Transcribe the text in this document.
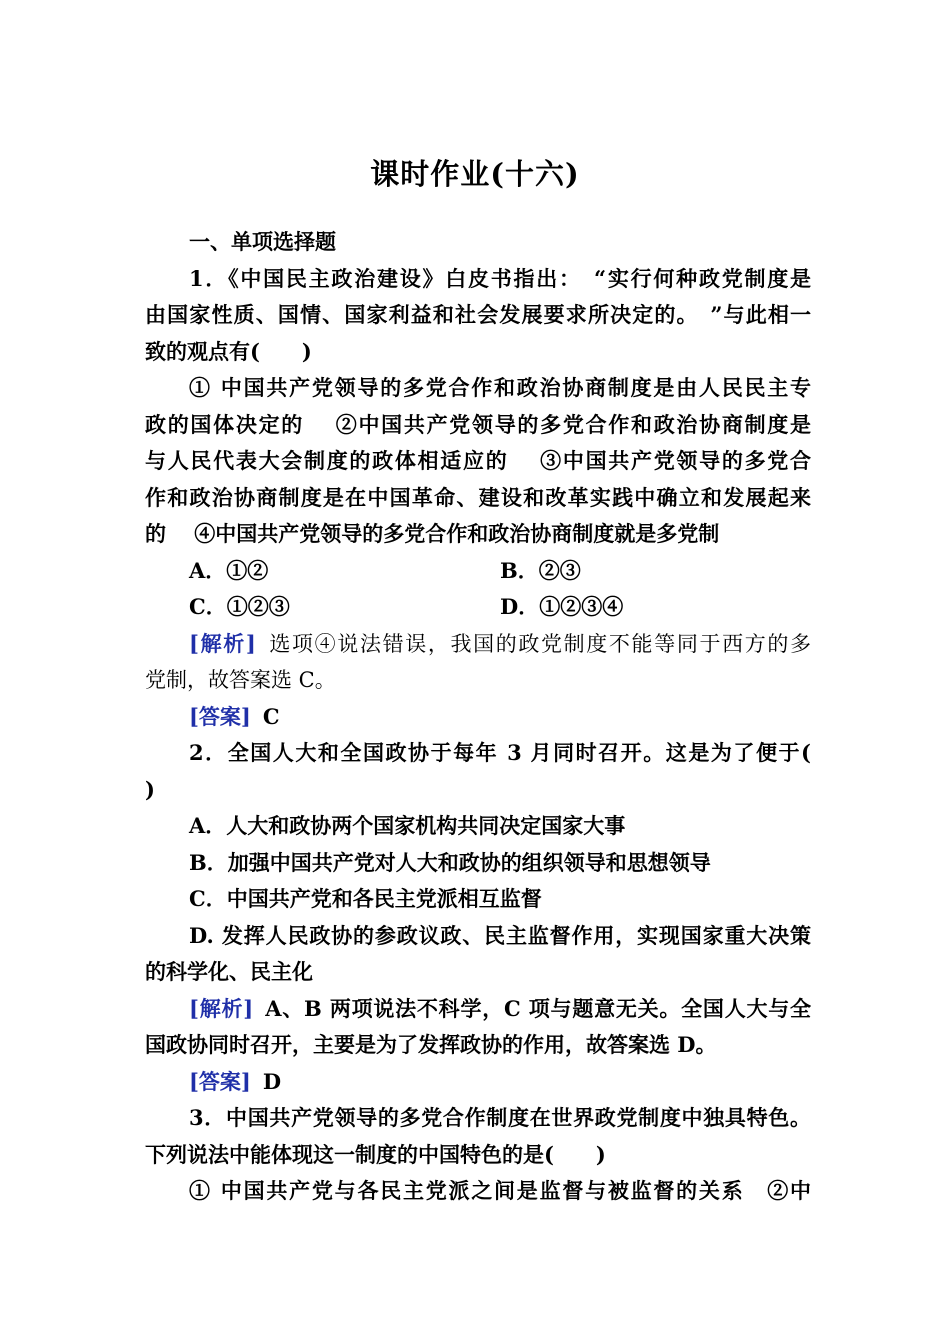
课时作业(十六)
一、单项选择题
1．《中国民主政治建设》白皮书指出：　“实行何种政党制度是
由国家性质、国情、国家利益和社会发展要求所决定的。　”与此相一
致的观点有(　　)
① 中国共产党领导的多党合作和政治协商制度是由人民民主专
政的国体决定的　 ②中国共产党领导的多党合作和政治协商制度是
与人民代表大会制度的政体相适应的　 ③中国共产党领导的多党合
作和政治协商制度是在中国革命、建设和改革实践中确立和发展起来
的　 ④中国共产党领导的多党合作和政治协商制度就是多党制
A．①②	B．②③
C．①②③	D．①②③④
[解析] 选项④说法错误，我国的政党制度不能等同于西方的多
党制，故答案选 C。
[答案] C
2．全国人大和全国政协于每年 3 月同时召开。这是为了便于(
)
A．人大和政协两个国家机构共同决定国家大事
B．加强中国共产党对人大和政协的组织领导和思想领导
C．中国共产党和各民主党派相互监督
D. 发挥人民政协的参政议政、民主监督作用，实现国家重大决策
的科学化、民主化
[解析] A、B 两项说法不科学，C 项与题意无关。全国人大与全
国政协同时召开，主要是为了发挥政协的作用，故答案选 D。
[答案] D
3．中国共产党领导的多党合作制度在世界政党制度中独具特色。
下列说法中能体现这一制度的中国特色的是(　　)
① 中国共产党与各民主党派之间是监督与被监督的关系　②中
